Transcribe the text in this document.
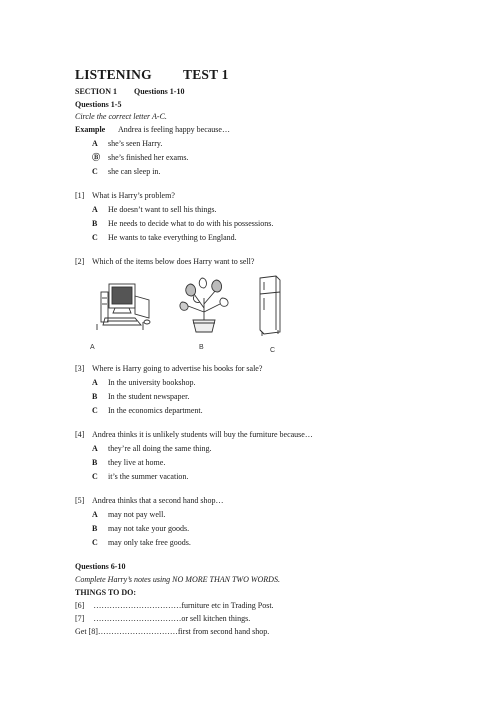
LISTENING TEST 1
SECTION 1 Questions 1-10
Questions 1-5
Circle the correct letter A-C.
Example Andrea is feeling happy because…
A she’s seen Harry.
Ⓑ she’s finished her exams.
C she can sleep in.
[1] What is Harry’s problem?
A He doesn’t want to sell his things.
B He needs to decide what to do with his possessions.
C He wants to take everything to England.
[2] Which of the items below does Harry want to sell?
A	B	C
[3] Where is Harry going to advertise his books for sale?
A In the university bookshop.
B In the student newspaper.
C In the economics department.
[4] Andrea thinks it is unlikely students will buy the furniture because…
A they’re all doing the same thing.
B they live at home.
C it’s the summer vacation.
[5] Andrea thinks that a second hand shop…
A may not pay well.
B may not take your goods.
C may only take free goods.
Questions 6-10
Complete Harry’s notes using NO MORE THAN TWO WORDS.
THINGS TO DO:
[6] ……………………………furniture etc in Trading Post.
[7] ……………………………or sell kitchen things.
Get [8]…………………………first from second hand shop.
